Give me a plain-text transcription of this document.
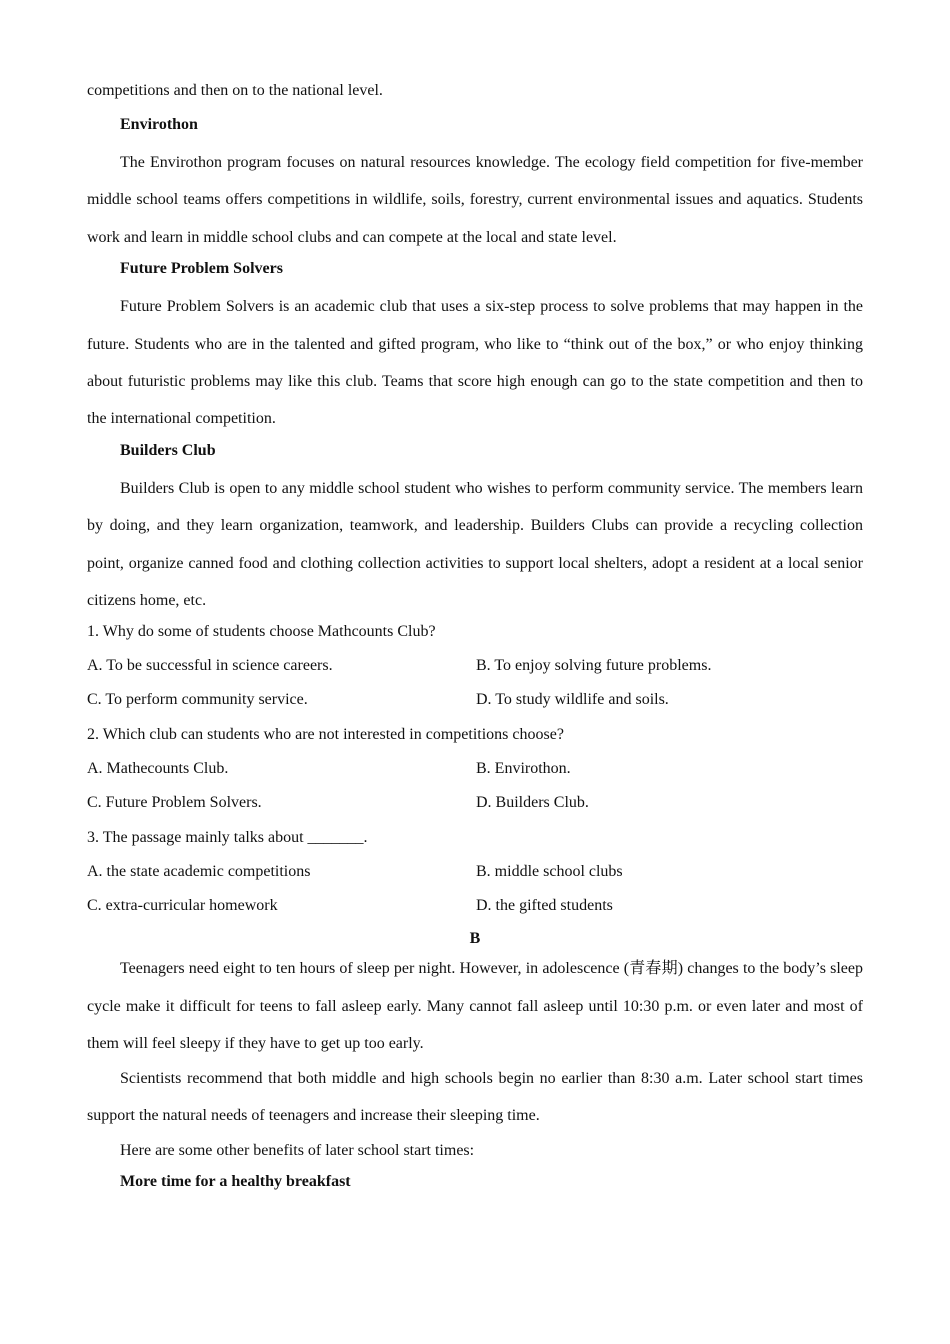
competitions and then on to the national level.

Envirothon

The Envirothon program focuses on natural resources knowledge. The ecology field competition for five-member middle school teams offers competitions in wildlife, soils, forestry, current environmental issues and aquatics. Students work and learn in middle school clubs and can compete at the local and state level.

Future Problem Solvers

Future Problem Solvers is an academic club that uses a six-step process to solve problems that may happen in the future. Students who are in the talented and gifted program, who like to “think out of the box,” or who enjoy thinking about futuristic problems may like this club. Teams that score high enough can go to the state competition and then to the international competition.

Builders Club

Builders Club is open to any middle school student who wishes to perform community service. The members learn by doing, and they learn organization, teamwork, and leadership. Builders Clubs can provide a recycling collection point, organize canned food and clothing collection activities to support local shelters, adopt a resident at a local senior citizens home, etc.

1. Why do some of students choose Mathcounts Club?

A. To be successful in science careers.	B. To enjoy solving future problems.
C. To perform community service.	D. To study wildlife and soils.

2. Which club can students who are not interested in competitions choose?

A. Mathecounts Club.	B. Envirothon.
C. Future Problem Solvers.	D. Builders Club.

3. The passage mainly talks about _______.

A. the state academic competitions	B. middle school clubs
C. extra-curricular homework	D. the gifted students

B

Teenagers need eight to ten hours of sleep per night. However, in adolescence (青春期) changes to the body’s sleep cycle make it difficult for teens to fall asleep early. Many cannot fall asleep until 10:30 p.m. or even later and most of them will feel sleepy if they have to get up too early.

Scientists recommend that both middle and high schools begin no earlier than 8:30 a.m. Later school start times support the natural needs of teenagers and increase their sleeping time.

Here are some other benefits of later school start times:

More time for a healthy breakfast
